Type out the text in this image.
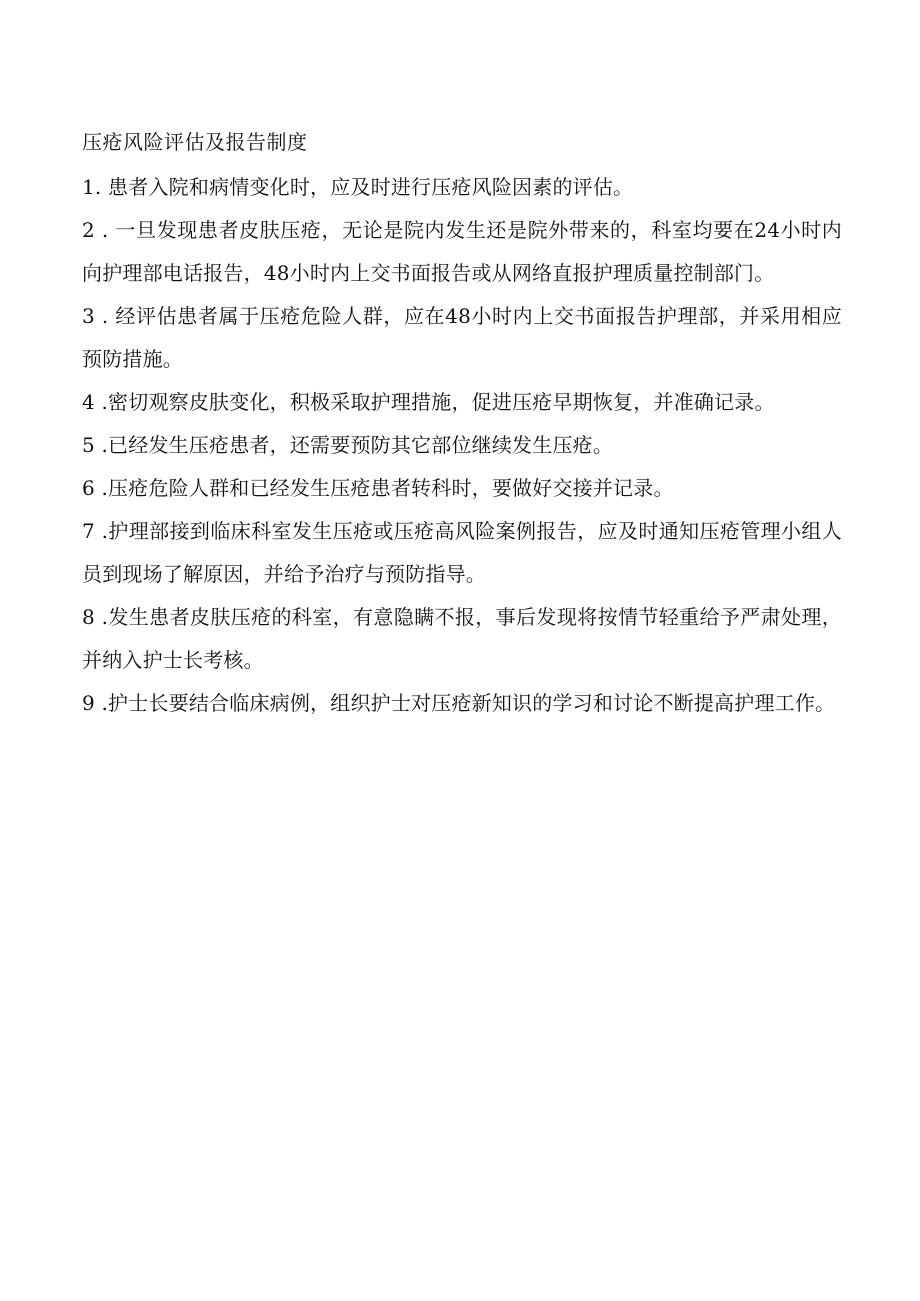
压疮风险评估及报告制度

1. 患者入院和病情变化时，应及时进行压疮风险因素的评估。

2 . 一旦发现患者皮肤压疮，无论是院内发生还是院外带来的，科室均要在24小时内向护理部电话报告，48小时内上交书面报告或从网络直报护理质量控制部门。

3 . 经评估患者属于压疮危险人群，应在48小时内上交书面报告护理部，并采用相应预防措施。

4 .密切观察皮肤变化，积极采取护理措施，促进压疮早期恢复，并准确记录。

5 .已经发生压疮患者，还需要预防其它部位继续发生压疮。

6 .压疮危险人群和已经发生压疮患者转科时，要做好交接并记录。

7 .护理部接到临床科室发生压疮或压疮高风险案例报告，应及时通知压疮管理小组人员到现场了解原因，并给予治疗与预防指导。

8 .发生患者皮肤压疮的科室，有意隐瞒不报，事后发现将按情节轻重给予严肃处理，并纳入护士长考核。

9 .护士长要结合临床病例，组织护士对压疮新知识的学习和讨论不断提高护理工作。
